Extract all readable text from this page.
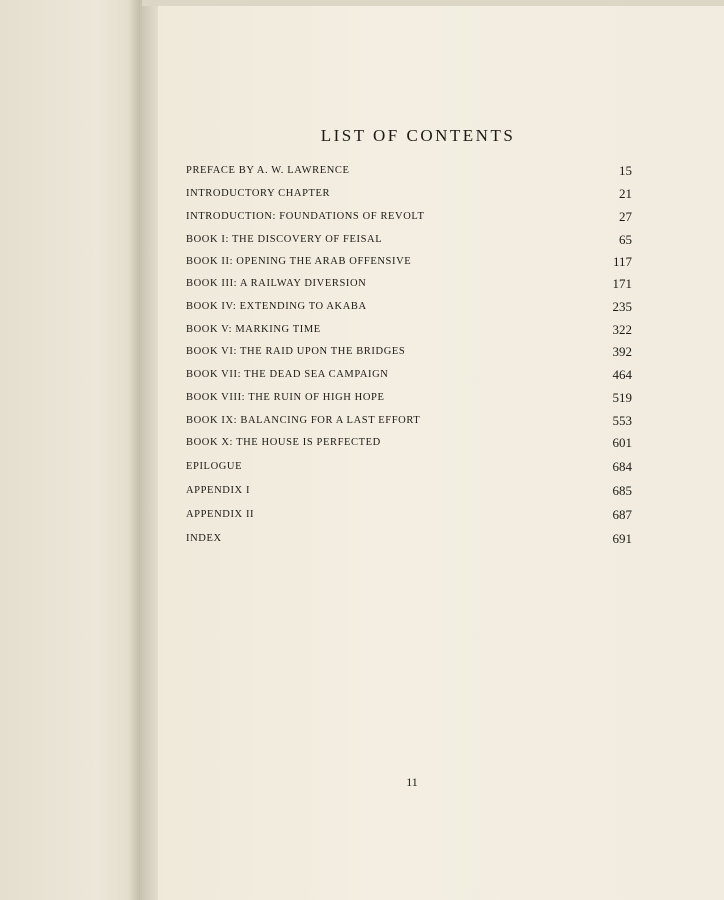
LIST OF CONTENTS
PREFACE BY A. W. LAWRENCE	15
INTRODUCTORY CHAPTER	21
INTRODUCTION: FOUNDATIONS OF REVOLT	27
BOOK I: THE DISCOVERY OF FEISAL	65
BOOK II: OPENING THE ARAB OFFENSIVE	117
BOOK III: A RAILWAY DIVERSION	171
BOOK IV: EXTENDING TO AKABA	235
BOOK V: MARKING TIME	322
BOOK VI: THE RAID UPON THE BRIDGES	392
BOOK VII: THE DEAD SEA CAMPAIGN	464
BOOK VIII: THE RUIN OF HIGH HOPE	519
BOOK IX: BALANCING FOR A LAST EFFORT	553
BOOK X: THE HOUSE IS PERFECTED	601
EPILOGUE	684
APPENDIX I	685
APPENDIX II	687
INDEX	691
11
